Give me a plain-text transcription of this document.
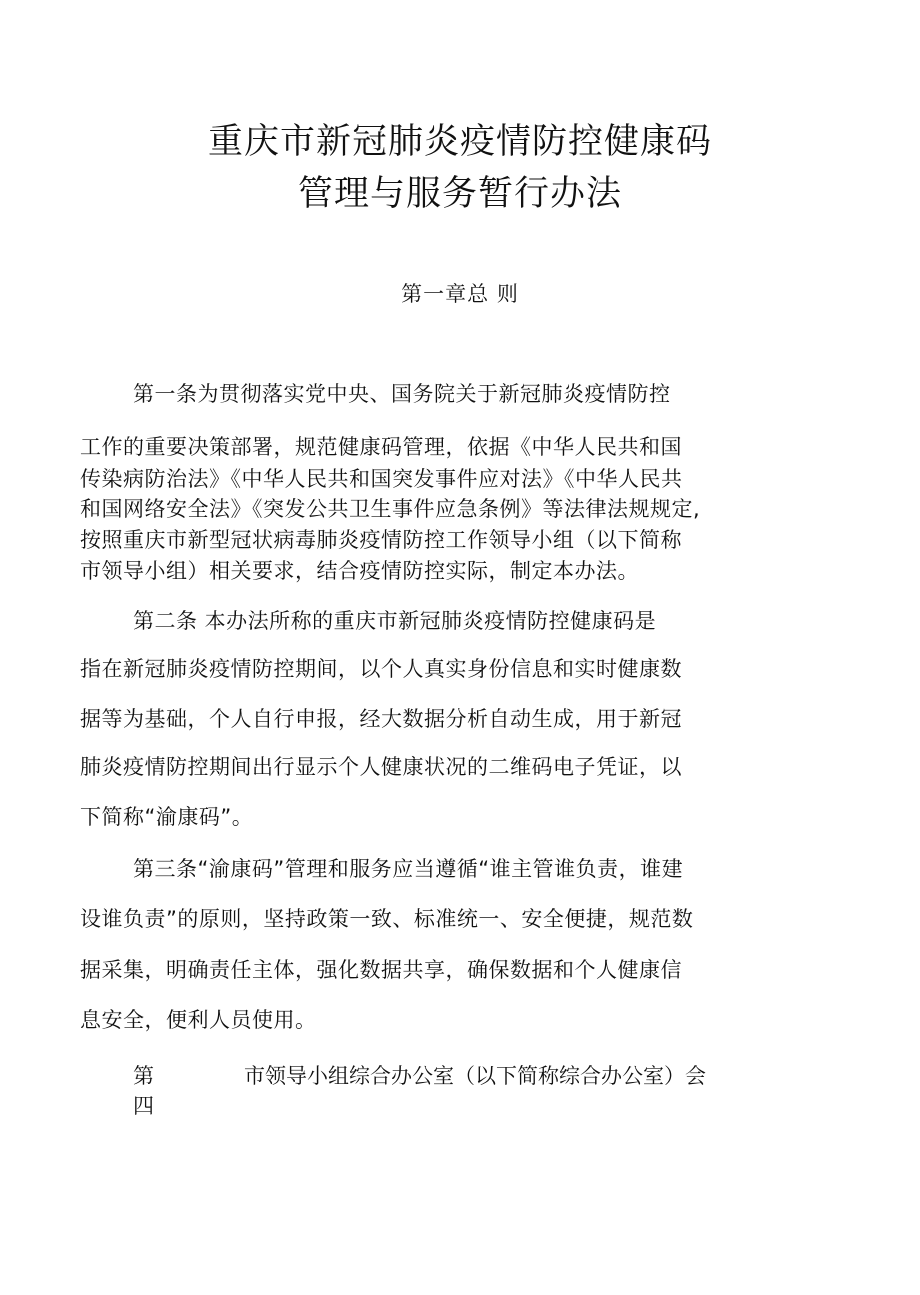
重庆市新冠肺炎疫情防控健康码
管理与服务暂行办法
第一章总 则
第一条为贯彻落实党中央、国务院关于新冠肺炎疫情防控
工作的重要决策部署，规范健康码管理，依据《中华人民共和国
传染病防治法》《中华人民共和国突发事件应对法》《中华人民共
和国网络安全法》《突发公共卫生事件应急条例》等法律法规规定,
按照重庆市新型冠状病毒肺炎疫情防控工作领导小组（以下简称
市领导小组）相关要求，结合疫情防控实际，制定本办法。
第二条 本办法所称的重庆市新冠肺炎疫情防控健康码是
指在新冠肺炎疫情防控期间，以个人真实身份信息和实时健康数
据等为基础，个人自行申报，经大数据分析自动生成，用于新冠
肺炎疫情防控期间出行显示个人健康状况的二维码电子凭证，以
下简称“渝康码”。
第三条“渝康码”管理和服务应当遵循“谁主管谁负责，谁建
设谁负责”的原则，坚持政策一致、标准统一、安全便捷，规范数
据采集，明确责任主体，强化数据共享，确保数据和个人健康信
息安全，便利人员使用。
第四
市领导小组综合办公室（以下简称综合办公室）会
